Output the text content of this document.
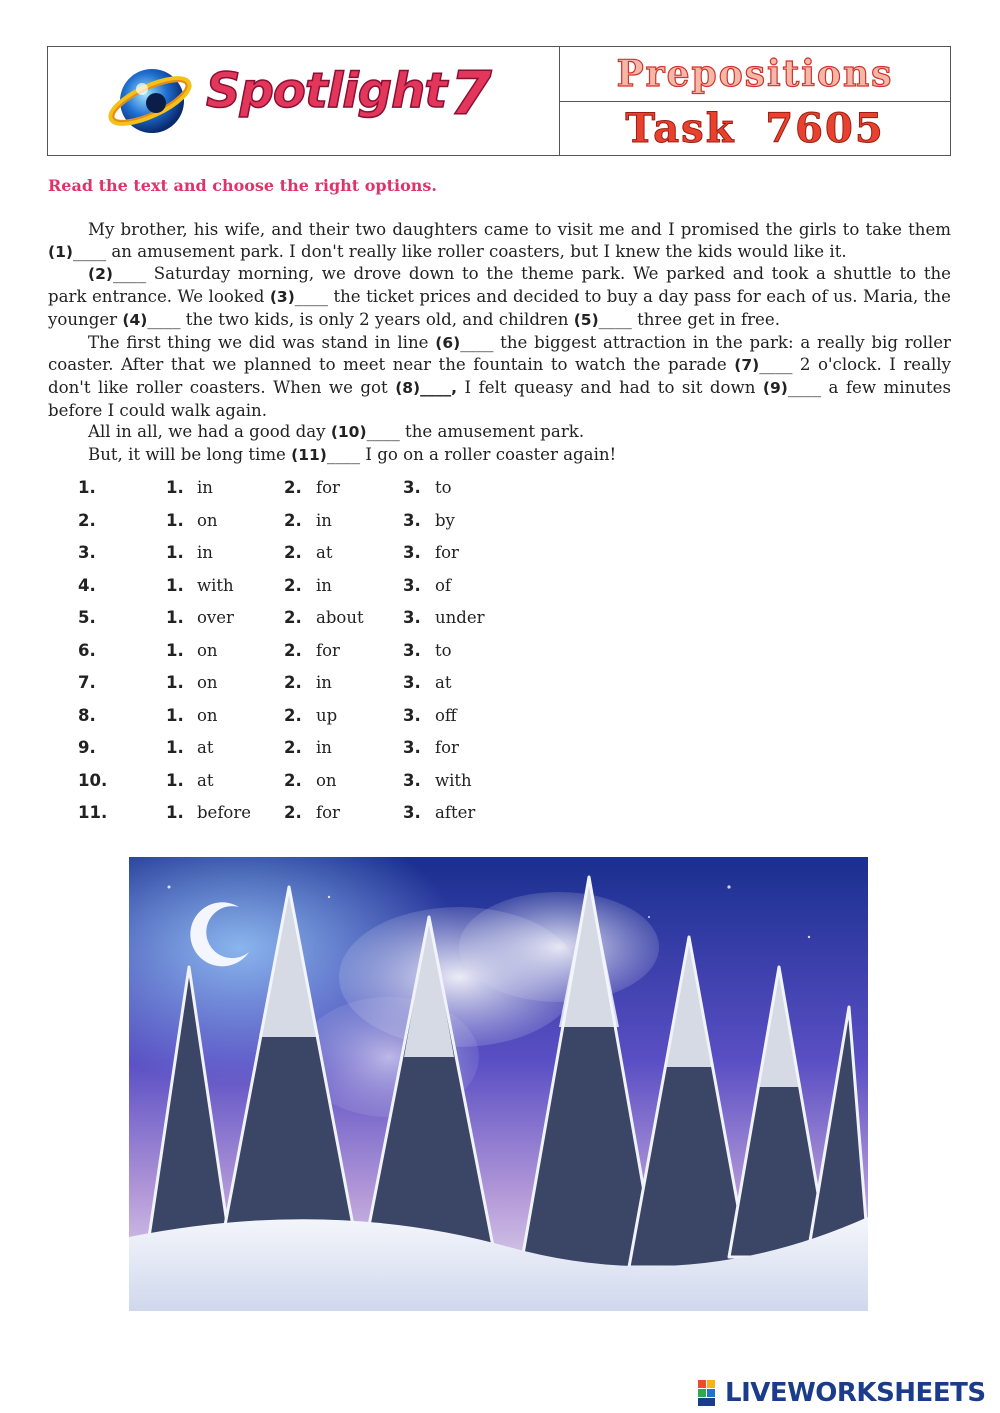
Spotlight 7	Prepositions
Task 7605
Read the text and choose the right options.

My brother, his wife, and their two daughters came to visit me and I promised the girls to take them (1)____ an amusement park. I don't really like roller coasters, but I knew the kids would like it.

(2)____ Saturday morning, we drove down to the theme park. We parked and took a shuttle to the park entrance. We looked (3)____ the ticket prices and decided to buy a day pass for each of us. Maria, the younger (4)____ the two kids, is only 2 years old, and children (5)____ three get in free.

The first thing we did was stand in line (6)____ the biggest attraction in the park: a really big roller coaster. After that we planned to meet near the fountain to watch the parade (7)____ 2 o'clock. I really don't like roller coasters. When we got (8)____, I felt queasy and had to sit down (9)____ a few minutes before I could walk again.

All in all, we had a good day (10)____ the amusement park.

But, it will be long time (11)____ I go on a roller coaster again!

1.	1. in	2. for	3. to
2.	1. on	2. in	3. by
3.	1. in	2. at	3. for
4.	1. with	2. in	3. of
5.	1. over	2. about 3. under
6.	1. on	2. for	3. to
7.	1. on	2. in	3. at
8.	1. on	2. up	3. off
9.	1. at	2. in	3. for
10.	1. at	2. on	3. with
11.	1. before 2. for	3. after
LIVEWORKSHEETS
